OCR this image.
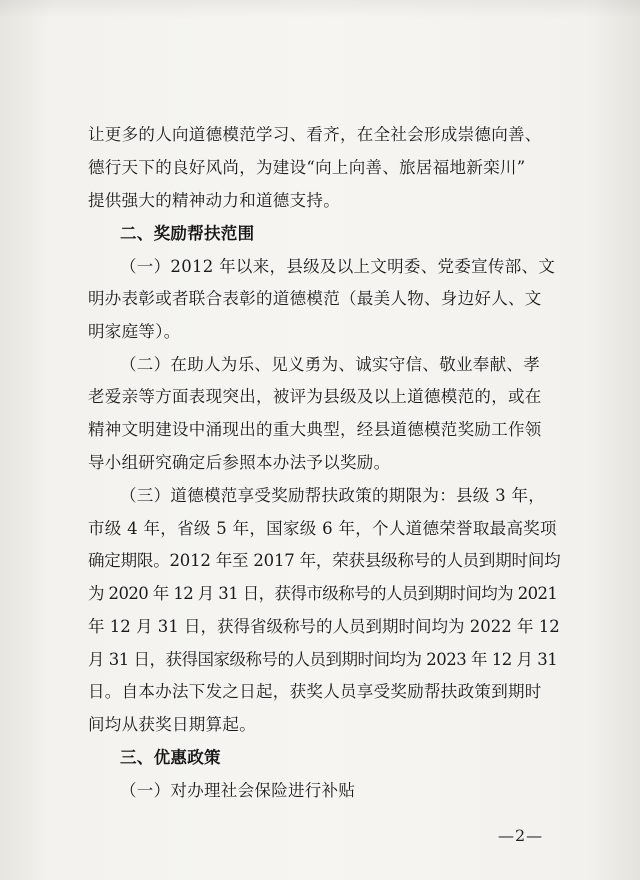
让更多的人向道德模范学习、看齐，在全社会形成崇德向善、
德行天下的良好风尚，为建设“向上向善、旅居福地新栾川”
提供强大的精神动力和道德支持。
二、奖励帮扶范围
（一）2012 年以来，县级及以上文明委、党委宣传部、文
明办表彰或者联合表彰的道德模范（最美人物、身边好人、文
明家庭等）。
（二）在助人为乐、见义勇为、诚实守信、敬业奉献、孝
老爱亲等方面表现突出，被评为县级及以上道德模范的，或在
精神文明建设中涌现出的重大典型，经县道德模范奖励工作领
导小组研究确定后参照本办法予以奖励。
（三）道德模范享受奖励帮扶政策的期限为：县级 3 年，
市级 4 年，省级 5 年，国家级 6 年，个人道德荣誉取最高奖项
确定期限。2012 年至 2017 年，荣获县级称号的人员到期时间均
为 2020 年 12 月 31 日，获得市级称号的人员到期时间均为 2021
年 12 月 31 日，获得省级称号的人员到期时间均为 2022 年 12
月 31 日，获得国家级称号的人员到期时间均为 2023 年 12 月 31
日。自本办法下发之日起，获奖人员享受奖励帮扶政策到期时
间均从获奖日期算起。
三、优惠政策
（一）对办理社会保险进行补贴
—2—
